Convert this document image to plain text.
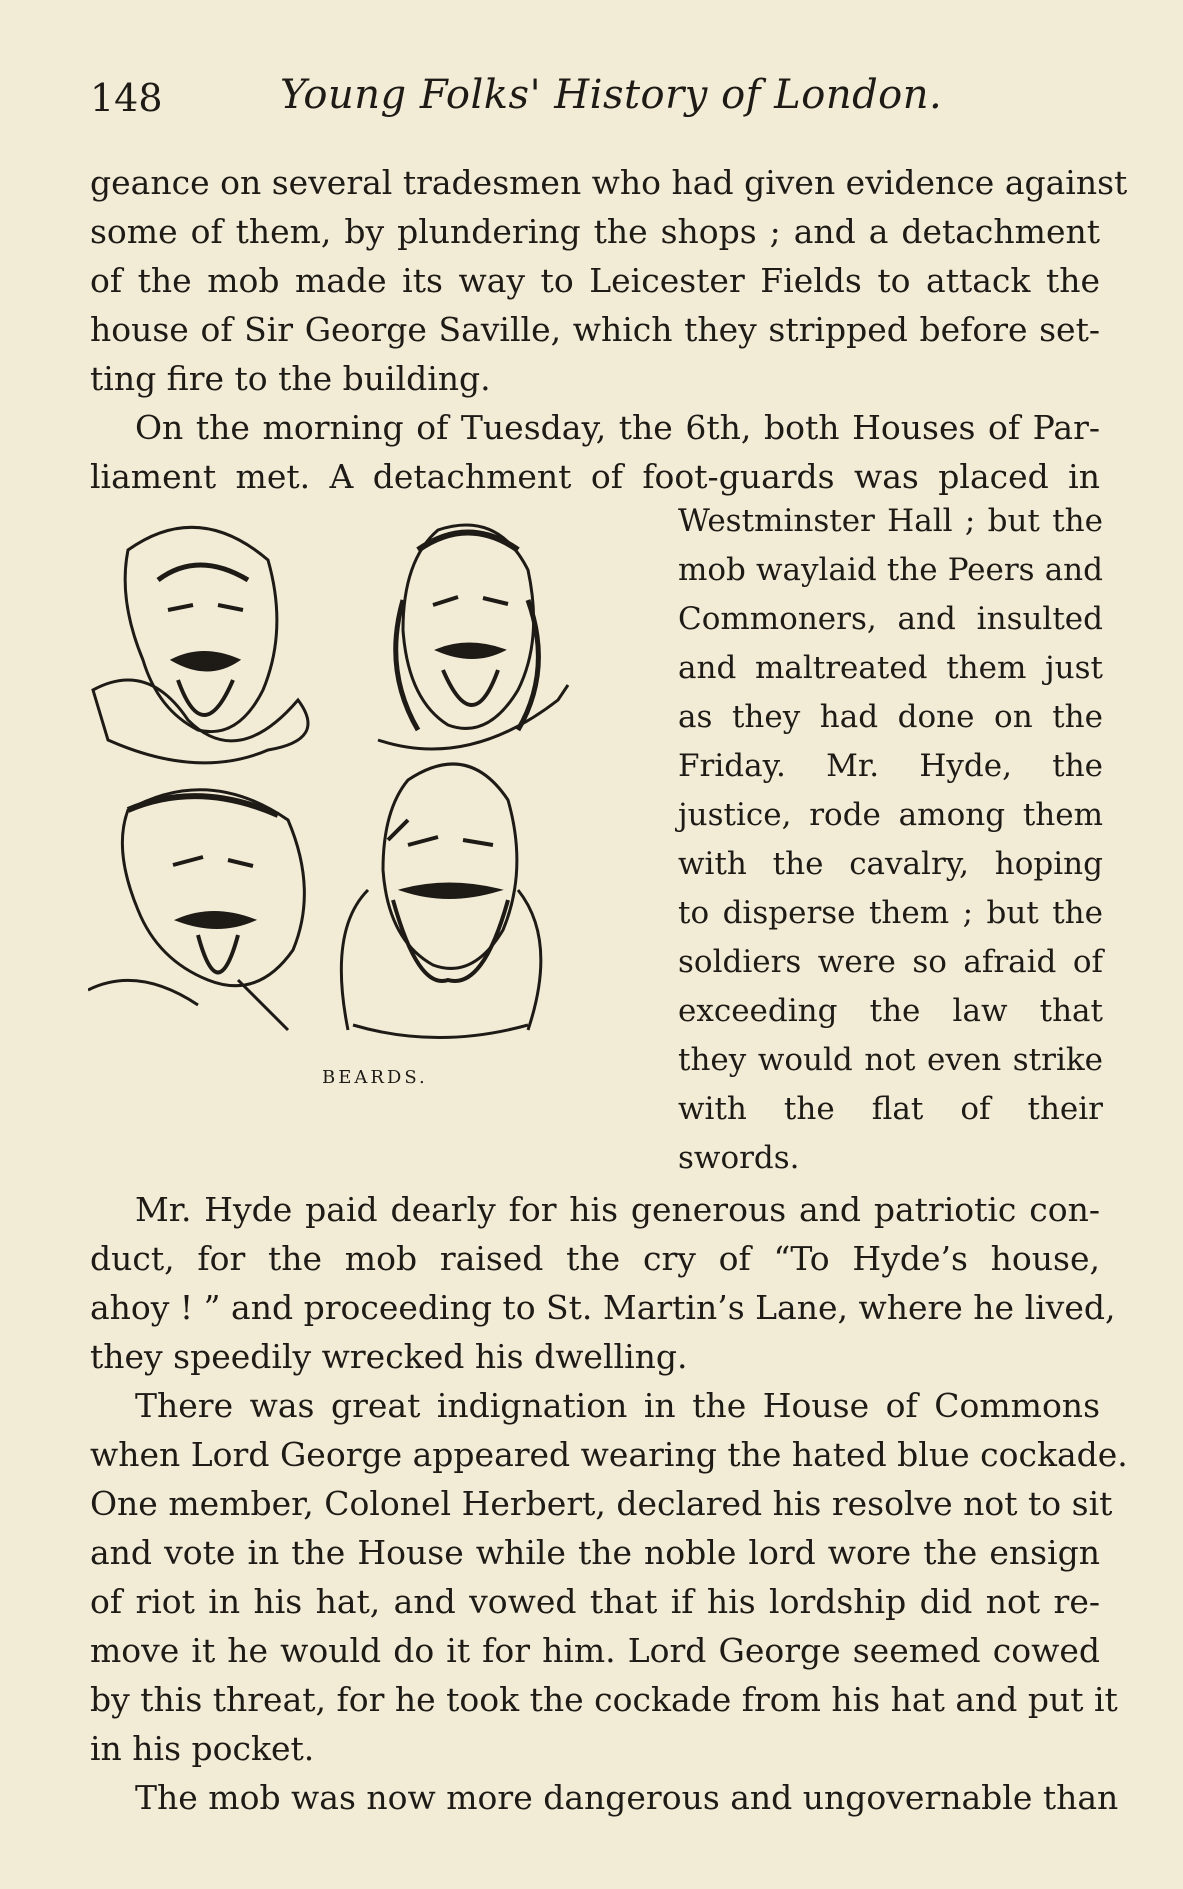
148	Young Folks' History of London.
geance on several tradesmen who had given evidence against
some of them, by plundering the shops ; and a detachment
of the mob made its way to Leicester Fields to attack the
house of Sir George Saville, which they stripped before set-
ting fire to the building.
On the morning of Tuesday, the 6th, both Houses of Par-
liament met. A detachment of foot-guards was placed in
BEARDS.
Westminster Hall ; but the
mob waylaid the Peers and
Commoners, and insulted
and maltreated them just
as they had done on the
Friday. Mr. Hyde, the
justice, rode among them
with the cavalry, hoping
to disperse them ; but the
soldiers were so afraid of
exceeding the law that
they would not even strike
with the flat of their
swords.
Mr. Hyde paid dearly for his generous and patriotic con-
duct, for the mob raised the cry of “To Hyde’s house,
ahoy ! ” and proceeding to St. Martin’s Lane, where he lived,
they speedily wrecked his dwelling.
There was great indignation in the House of Commons
when Lord George appeared wearing the hated blue cockade.
One member, Colonel Herbert, declared his resolve not to sit
and vote in the House while the noble lord wore the ensign
of riot in his hat, and vowed that if his lordship did not re-
move it he would do it for him. Lord George seemed cowed
by this threat, for he took the cockade from his hat and put it
in his pocket.
The mob was now more dangerous and ungovernable than
